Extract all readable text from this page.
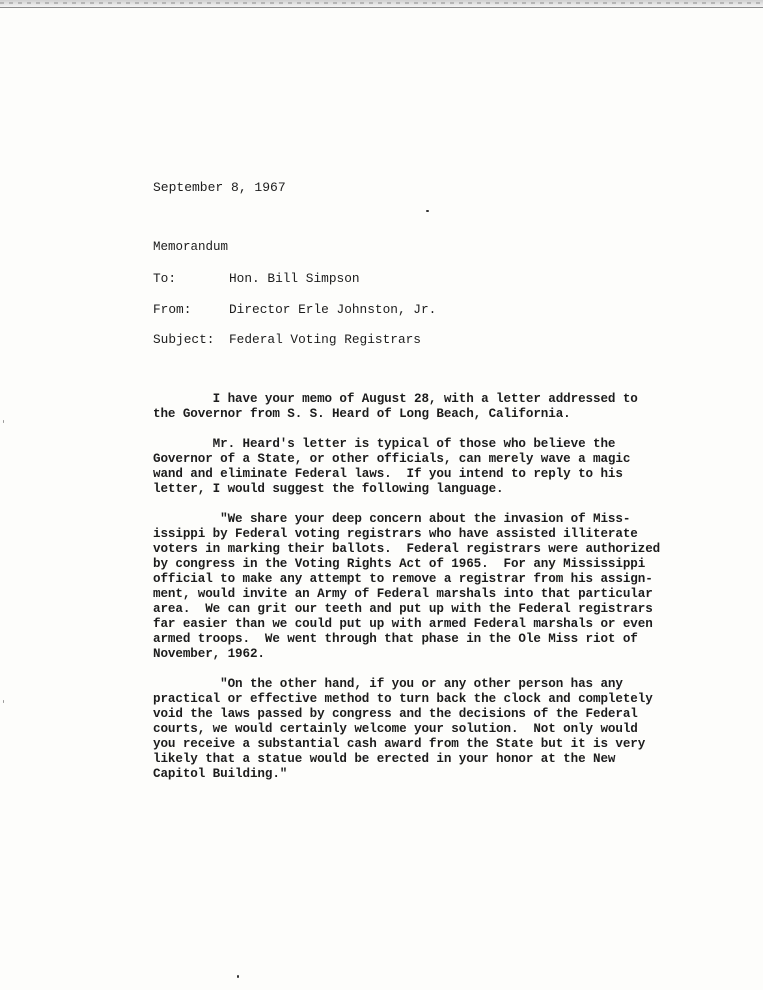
September 8, 1967
Memorandum
To:	Hon. Bill Simpson
From:	Director Erle Johnston, Jr.
Subject: Federal Voting Registrars
I have your memo of August 28, with a letter addressed to
the Governor from S. S. Heard of Long Beach, California.
Mr. Heard's letter is typical of those who believe the
Governor of a State, or other officials, can merely wave a magic
wand and eliminate Federal laws.  If you intend to reply to his
letter, I would suggest the following language.
"We share your deep concern about the invasion of Miss-
issippi by Federal voting registrars who have assisted illiterate
voters in marking their ballots.  Federal registrars were authorized
by congress in the Voting Rights Act of 1965.  For any Mississippi
official to make any attempt to remove a registrar from his assign-
ment, would invite an Army of Federal marshals into that particular
area.  We can grit our teeth and put up with the Federal registrars
far easier than we could put up with armed Federal marshals or even
armed troops.  We went through that phase in the Ole Miss riot of
November, 1962.
"On the other hand, if you or any other person has any
practical or effective method to turn back the clock and completely
void the laws passed by congress and the decisions of the Federal
courts, we would certainly welcome your solution.  Not only would
you receive a substantial cash award from the State but it is very
likely that a statue would be erected in your honor at the New
Capitol Building."
